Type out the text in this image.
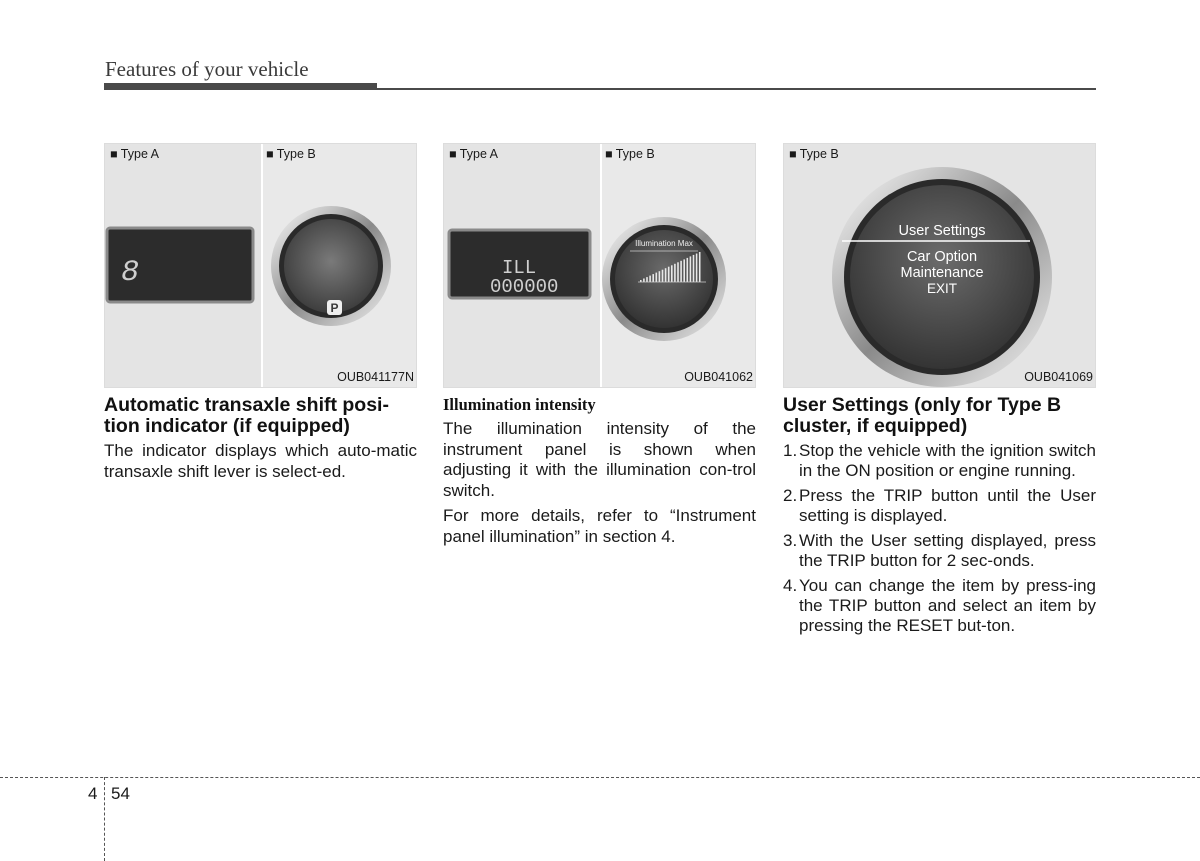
Features of your vehicle
8
P
■ Type A	■ Type B
OUB041177N
ILL
000000
Illumination Max
■ Type A	■ Type B
OUB041062
User Settings
Car Option
Maintenance
EXIT
■ Type B
OUB041069
Automatic transaxle shift posi-tion indicator (if equipped)

The indicator displays which auto-matic transaxle shift lever is select-ed.

Illumination intensity

The illumination intensity of the instrument panel is shown when adjusting it with the illumination con-trol switch.

For more details, refer to “Instrument panel illumination” in section 4.

User Settings (only for Type B cluster, if equipped)
1. Stop the vehicle with the ignition switch in the ON position or engine running.
2. Press the TRIP button until the User setting is displayed.
3. With the User setting displayed, press the TRIP button for 2 sec-onds.
4. You can change the item by press-ing the TRIP button and select an item by pressing the RESET but-ton.
4 54
